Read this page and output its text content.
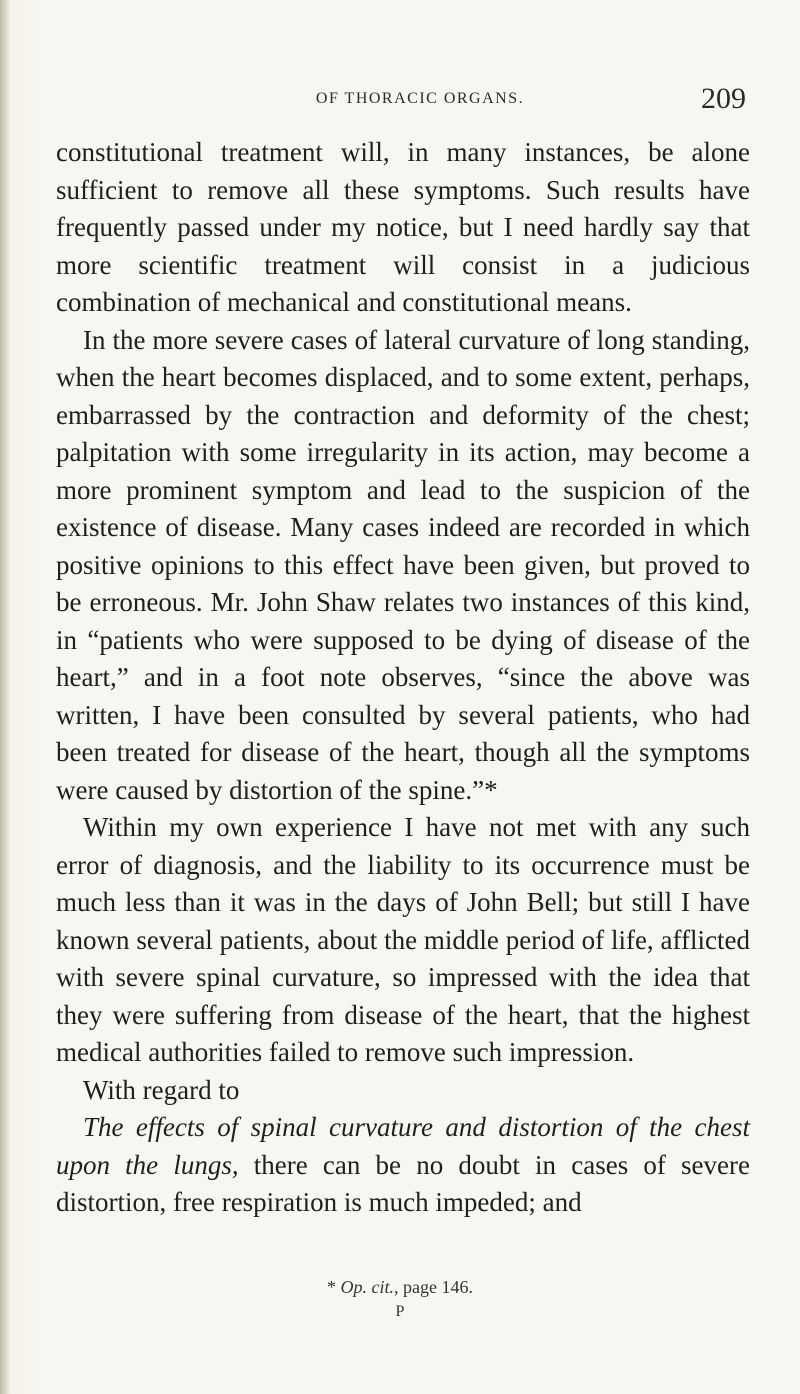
OF THORACIC ORGANS.	209

constitutional treatment will, in many instances, be alone sufficient to remove all these symptoms. Such results have frequently passed under my notice, but I need hardly say that more scientific treatment will consist in a judicious combination of mechanical and constitutional means.

In the more severe cases of lateral curvature of long standing, when the heart becomes displaced, and to some extent, perhaps, embarrassed by the contraction and deformity of the chest; palpitation with some irregularity in its action, may become a more prominent symptom and lead to the suspicion of the existence of disease. Many cases indeed are recorded in which positive opinions to this effect have been given, but proved to be erroneous. Mr. John Shaw relates two instances of this kind, in “patients who were supposed to be dying of disease of the heart,” and in a foot note observes, “since the above was written, I have been consulted by several patients, who had been treated for disease of the heart, though all the symptoms were caused by distortion of the spine.”*

Within my own experience I have not met with any such error of diagnosis, and the liability to its occurrence must be much less than it was in the days of John Bell; but still I have known several patients, about the middle period of life, afflicted with severe spinal curvature, so impressed with the idea that they were suffering from disease of the heart, that the highest medical authorities failed to remove such impression.

With regard to

The effects of spinal curvature and distortion of the chest upon the lungs, there can be no doubt in cases of severe distortion, free respiration is much impeded; and

* Op. cit., page 146.
P
